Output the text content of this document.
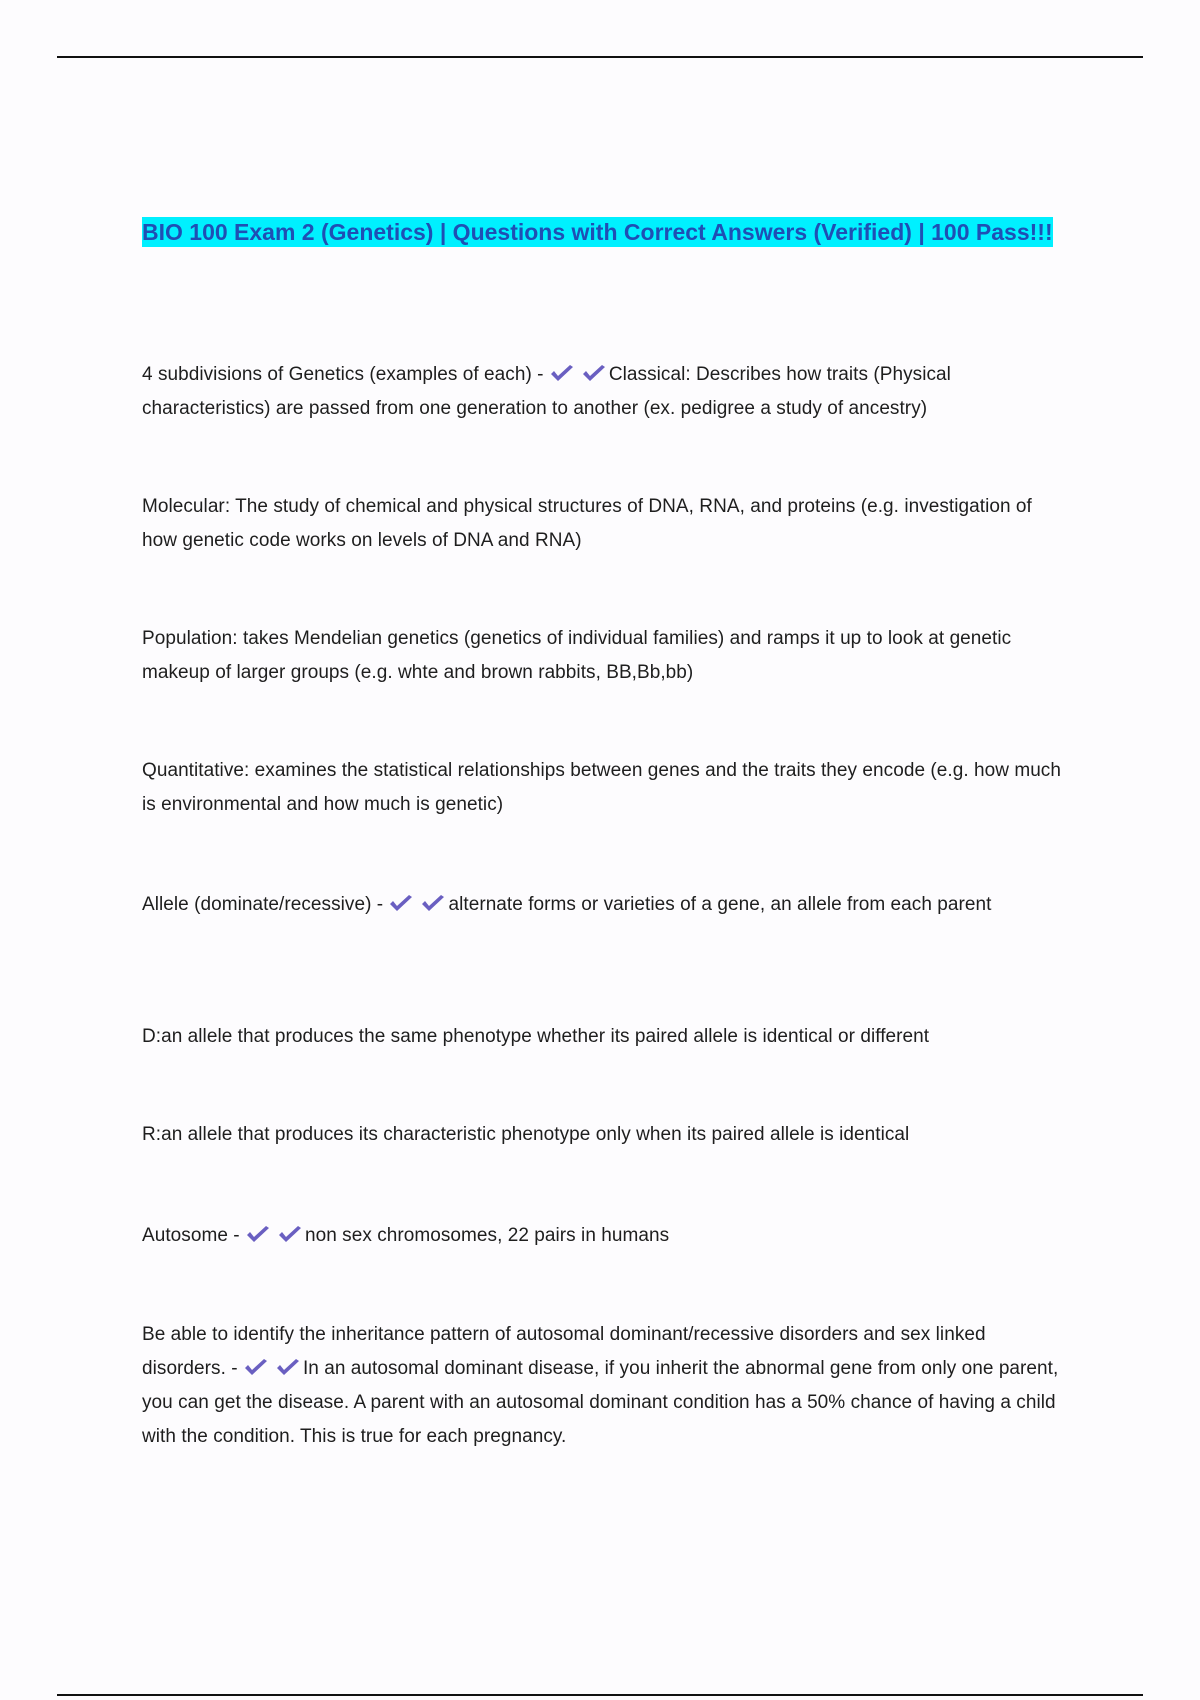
BIO 100 Exam 2 (Genetics) | Questions with Correct Answers (Verified) | 100 Pass!!!

4 subdivisions of Genetics (examples of each) -	Classical: Describes how traits (Physical characteristics) are passed from one generation to another (ex. pedigree a study of ancestry)

Molecular: The study of chemical and physical structures of DNA, RNA, and proteins (e.g. investigation of how genetic code works on levels of DNA and RNA)

Population: takes Mendelian genetics (genetics of individual families) and ramps it up to look at genetic makeup of larger groups (e.g. whte and brown rabbits, BB,Bb,bb)

Quantitative: examines the statistical relationships between genes and the traits they encode (e.g. how much is environmental and how much is genetic)

Allele (dominate/recessive) -	alternate forms or varieties of a gene, an allele from each parent

D:an allele that produces the same phenotype whether its paired allele is identical or different

R:an allele that produces its characteristic phenotype only when its paired allele is identical

Autosome -	non sex chromosomes, 22 pairs in humans

Be able to identify the inheritance pattern of autosomal dominant/recessive disorders and sex linked disorders. -	In an autosomal dominant disease, if you inherit the abnormal gene from only one parent, you can get the disease. A parent with an autosomal dominant condition has a 50% chance of having a child with the condition. This is true for each pregnancy.
